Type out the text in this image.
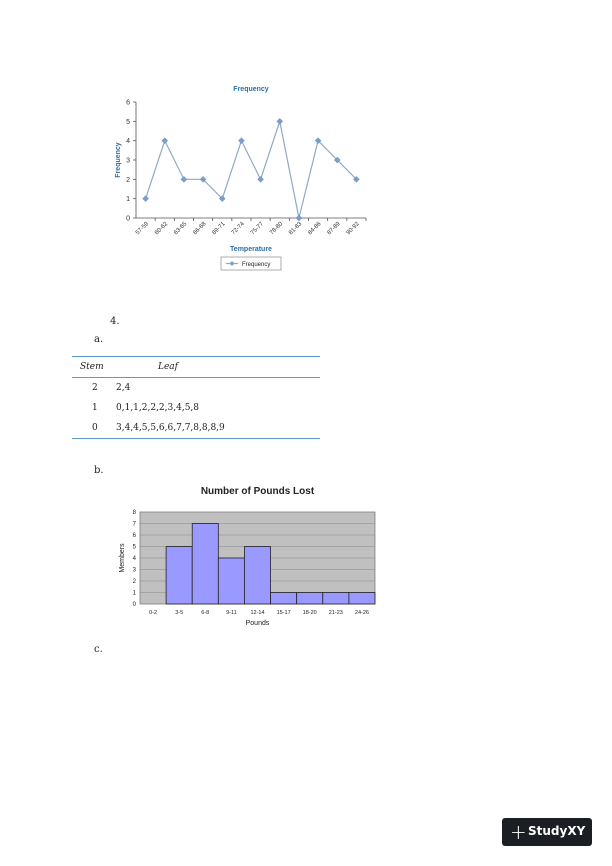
Frequency
0
1
2
3
4
5
6
57-59 60-62 63-65 66-68 69-71 72-74 75-77 78-80 81-83 84-86 87-89 90-92
Temperature
Frequency
Frequency
4.
a.
Stem	Leaf
2 2,4
1 0,1,1,2,2,2,3,4,5,8
0 3,4,4,5,5,6,6,7,7,8,8,8,9
b.
Number of Pounds Lost
0
1
2
3
4
5
6
7
8
0-2	3-5	6-8	9-11	12-14 15-17 18-20 21-23 24-26
Pounds
Members
c.
+ StudyXY
